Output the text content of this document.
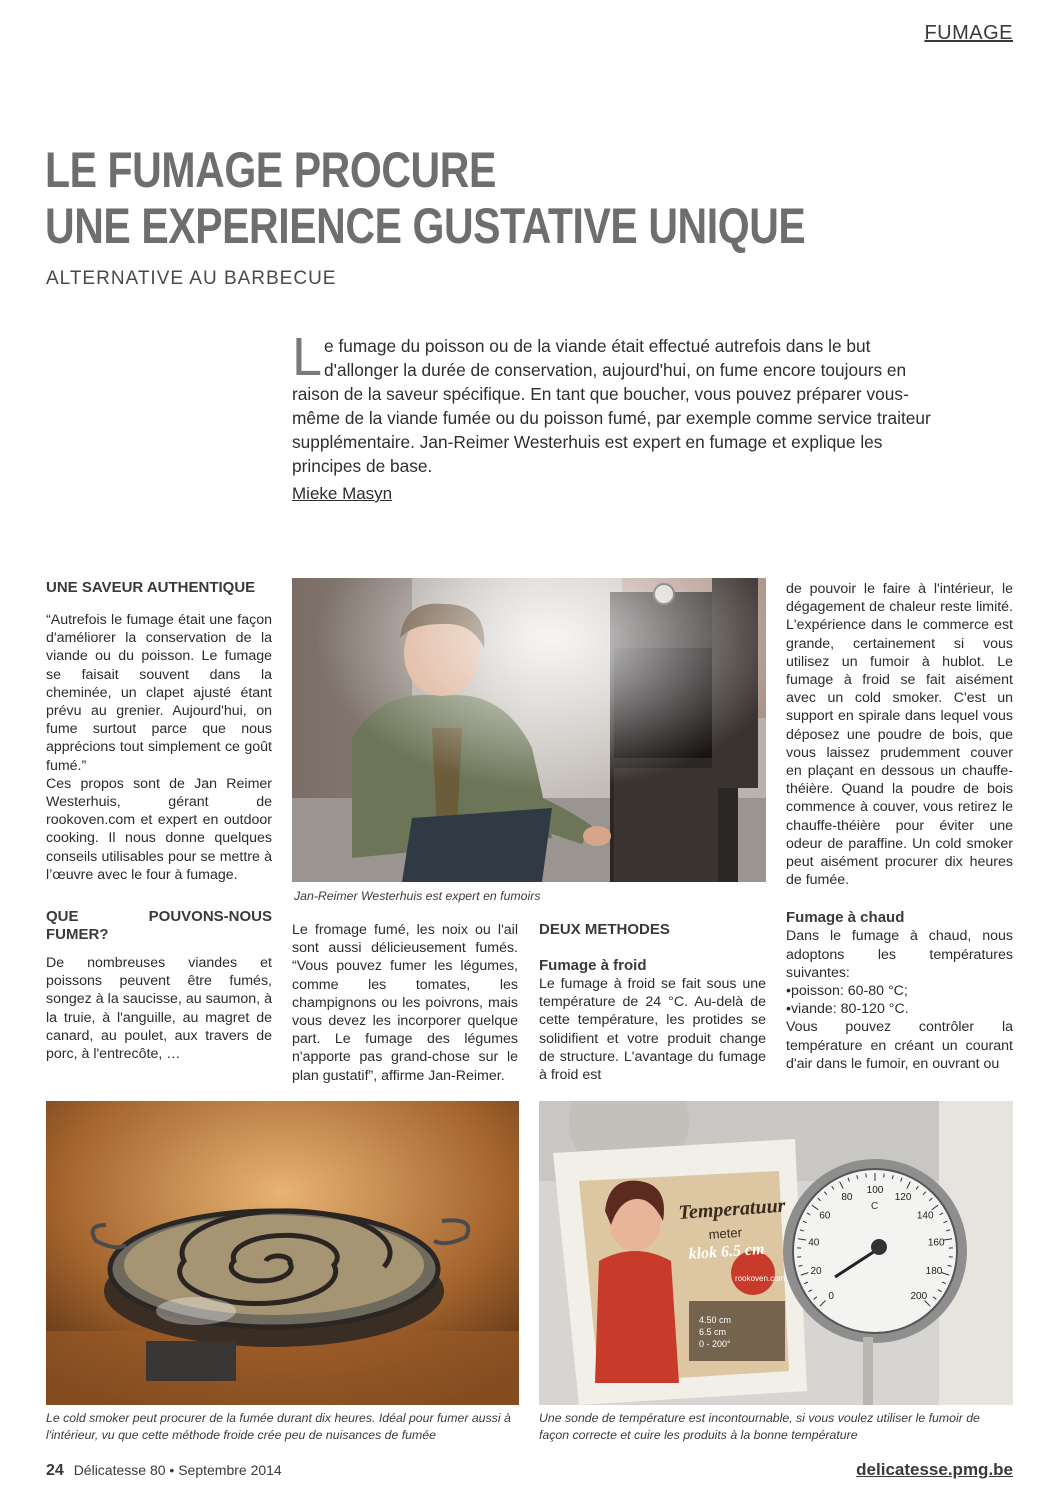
FUMAGE
LE FUMAGE PROCURE
UNE EXPERIENCE GUSTATIVE UNIQUE
ALTERNATIVE AU BARBECUE

Le fumage du poisson ou de la viande était effectué autrefois dans le but d'allonger la durée de conservation, aujourd'hui, on fume encore toujours en raison de la saveur spécifique. En tant que boucher, vous pouvez préparer vous-même de la viande fumée ou du poisson fumé, par exemple comme service traiteur supplémentaire. Jan-Reimer Westerhuis est expert en fumage et explique les principes de base.

Mieke Masyn
UNE SAVEUR AUTHENTIQUE

“Autrefois le fumage était une façon d'améliorer la conservation de la viande ou du poisson. Le fumage se faisait souvent dans la cheminée, un clapet ajusté étant prévu au grenier. Aujourd'hui, on fume surtout parce que nous apprécions tout simplement ce goût fumé.”

Ces propos sont de Jan Reimer Westerhuis, gérant de rookoven.com et expert en outdoor cooking. Il nous donne quelques conseils utilisables pour se mettre à l’œuvre avec le four à fumage.

QUE POUVONS-NOUS FUMER?

De nombreuses viandes et poissons peuvent être fumés, songez à la saucisse, au saumon, à la truie, à l'anguille, au magret de canard, au poulet, aux travers de porc, à l'entrecôte, …

Jan-Reimer Westerhuis est expert en fumoirs

Le fromage fumé, les noix ou l'ail sont aussi délicieusement fumés. “Vous pouvez fumer les légumes, comme les tomates, les champignons ou les poivrons, mais vous devez les incorporer quelque part. Le fumage des légumes n'apporte pas grand-chose sur le plan gustatif”, affirme Jan-Reimer.

DEUX METHODES
Fumage à froid

Le fumage à froid se fait sous une température de 24 °C. Au-delà de cette température, les protides se solidifient et votre produit change de structure. L'avantage du fumage à froid est

de pouvoir le faire à l'intérieur, le dégagement de chaleur reste limité. L'expérience dans le commerce est grande, certainement si vous utilisez un fumoir à hublot. Le fumage à froid se fait aisément avec un cold smoker. C'est un support en spirale dans lequel vous déposez une poudre de bois, que vous laissez prudemment couver en plaçant en dessous un chauffe-théière. Quand la poudre de bois commence à couver, vous retirez le chauffe-théière pour éviter une odeur de paraffine. Un cold smoker peut aisément procurer dix heures de fumée.

Fumage à chaud

Dans le fumage à chaud, nous adoptons les températures suivantes:

•poisson: 60-80 °C;

•viande: 80-120 °C.

Vous pouvez contrôler la température en créant un courant d'air dans le fumoir, en ouvrant ou

Le cold smoker peut procurer de la fumée durant dix heures. Idéal pour fumer aussi à l'intérieur, vu que cette méthode froide crée peu de nuisances de fumée
Temperatuur
meter
klok 6.5 cm
rookoven.com
4.50 cm
6.5 cm
0 - 200°
0
20
40
60
80
100
120
140
160
180
200
C
Une sonde de température est incontournable, si vous voulez utiliser le fumoir de façon correcte et cuire les produits à la bonne température
24 Délicatesse 80 • Septembre 2014	delicatesse.pmg.be
